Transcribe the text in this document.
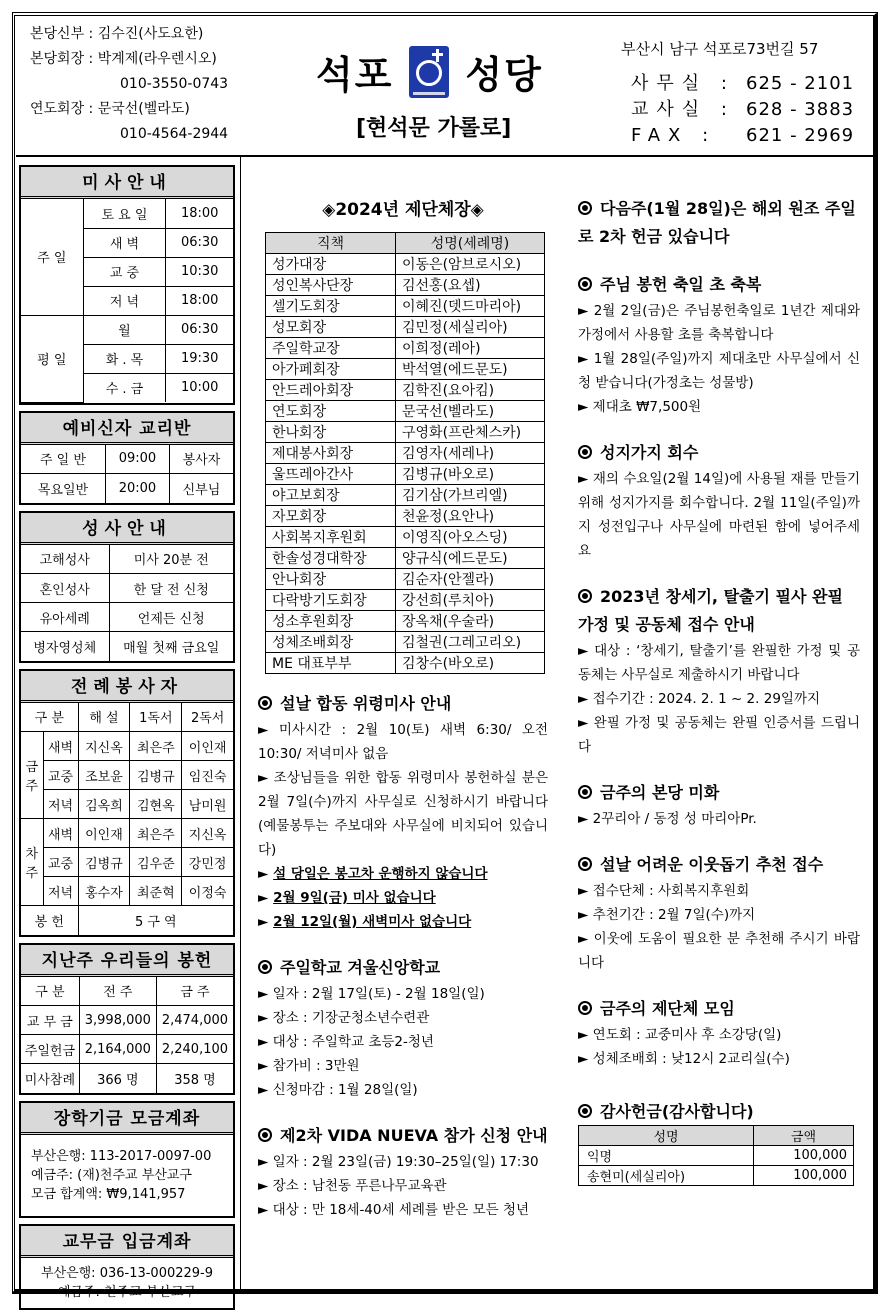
본당신부 : 김수진(사도요한)
본당회장 : 박계제(라우렌시오)
010-3550-0743
연도회장 : 문국선(벨라도)
010-4564-2944
석포 성당
[현석문 가롤로]
부산시 남구 석포로73번길 57
사무실 : 625 - 2101
교사실 : 628 - 3883
FAX : 621 - 2969
미사안내
주 일	토 요 일	18:00
	새 벽	06:30
	교 중	10:30
	저 녁	18:00
평 일	월	06:30
	화 . 목	19:30
	수 . 금	10:00
예비신자 교리반
주 일 반	09:00	봉사자
목요일반	20:00	신부님
성사안내
고해성사	미사 20분 전
혼인성사	한 달 전 신청
유아세례	언제든 신청
병자영성체	매월 첫째 금요일
전례봉사자
구 분		해 설	1독서	2독서
금주	새벽	지신옥	최은주	이인재
	교중	조보윤	김병규	임진숙
	저녁	김옥희	김현옥	남미원
차주	새벽	이인재	최은주	지신옥
	교중	김병규	김우준	강민정
	저녁	홍수자	최준혁	이정숙
봉 헌		5 구 역		
지난주 우리들의 봉헌
구 분	전 주	금 주
교 무 금	3,998,000	2,474,000
주일헌금	2,164,000	2,240,100
미사참례	366 명	358 명
장학기금 모금계좌
부산은행: 113-2017-0097-00
예금주: (재)천주교 부산교구
모금 합계액: ₩9,141,957
교무금 입금계좌
부산은행: 036-13-000229-9
예금주: 천주교 부산교구
◈2024년 제단체장◈
직책	성명(세례명)
성가대장	이동은(암브로시오)
성인복사단장	김선홍(요셉)
셀기도회장	이혜진(뎃드마리아)
성모회장	김민정(세실리아)
주일학교장	이희정(레아)
아가페회장	박석열(에드문도)
안드레아회장	김학진(요아킴)
연도회장	문국선(벨라도)
한나회장	구영화(프란체스카)
제대봉사회장	김영자(세레나)
울뜨레아간사	김병규(바오로)
야고보회장	김기삼(가브리엘)
자모회장	천윤정(요안나)
사회복지후원회	이영직(아오스딩)
한솔성경대학장	양규식(에드문도)
안나회장	김순자(안젤라)
다락방기도회장	강선희(루치아)
성소후원회장	장옥채(우술라)
성체조배회장	김철권(그레고리오)
ME 대표부부	김창수(바오로)
설날 합동 위령미사 안내
► 미사시간 : 2월 10(토) 새벽 6:30/ 오전 10:30/ 저녁미사 없음
► 조상님들을 위한 합동 위령미사 봉헌하실 분은 2월 7일(수)까지 사무실로 신청하시기 바랍니다(예물봉투는 주보대와 사무실에 비치되어 있습니다)
► 설 당일은 봉고차 운행하지 않습니다
► 2월 9일(금) 미사 없습니다
► 2월 12일(월) 새벽미사 없습니다
주일학교 겨울신앙학교
► 일자 : 2월 17일(토) - 2월 18일(일)
► 장소 : 기장군청소년수련관
► 대상 : 주일학교 초등2-청년
► 참가비 : 3만원
► 신청마감 : 1월 28일(일)
제2차 VIDA NUEVA 참가 신청 안내
► 일자 : 2월 23일(금) 19:30–25일(일) 17:30
► 장소 : 남천동 푸른나무교육관
► 대상 : 만 18세-40세 세례를 받은 모든 청년
다음주(1월 28일)은 해외 원조 주일로 2차 헌금 있습니다
주님 봉헌 축일 초 축복
► 2월 2일(금)은 주님봉헌축일로 1년간 제대와 가정에서 사용할 초를 축복합니다
► 1월 28일(주일)까지 제대초만 사무실에서 신청 받습니다(가정초는 성물방)
► 제대초 ₩7,500원
성지가지 회수
► 재의 수요일(2월 14일)에 사용될 재를 만들기 위해 성지가지를 회수합니다. 2월 11일(주일)까지 성전입구나 사무실에 마련된 함에 넣어주세요
2023년 창세기, 탈출기 필사 완필 가정 및 공동체 접수 안내
► 대상 : ‘창세기, 탈출기’를 완필한 가정 및 공동체는 사무실로 제출하시기 바랍니다
► 접수기간 : 2024. 2. 1 ~ 2. 29일까지
► 완필 가정 및 공동체는 완필 인증서를 드립니다
금주의 본당 미화
► 2꾸리아 / 동정 성 마리아Pr.
설날 어려운 이웃돕기 추천 접수
► 접수단체 : 사회복지후원회
► 추천기간 : 2월 7일(수)까지
► 이웃에 도움이 필요한 분 추천해 주시기 바랍니다
금주의 제단체 모임
► 연도회 : 교중미사 후 소강당(일)
► 성체조배회 : 낮12시 2교리실(수)
감사헌금(감사합니다)
성명	금액
익명	100,000
송현미(세실리아)	100,000
